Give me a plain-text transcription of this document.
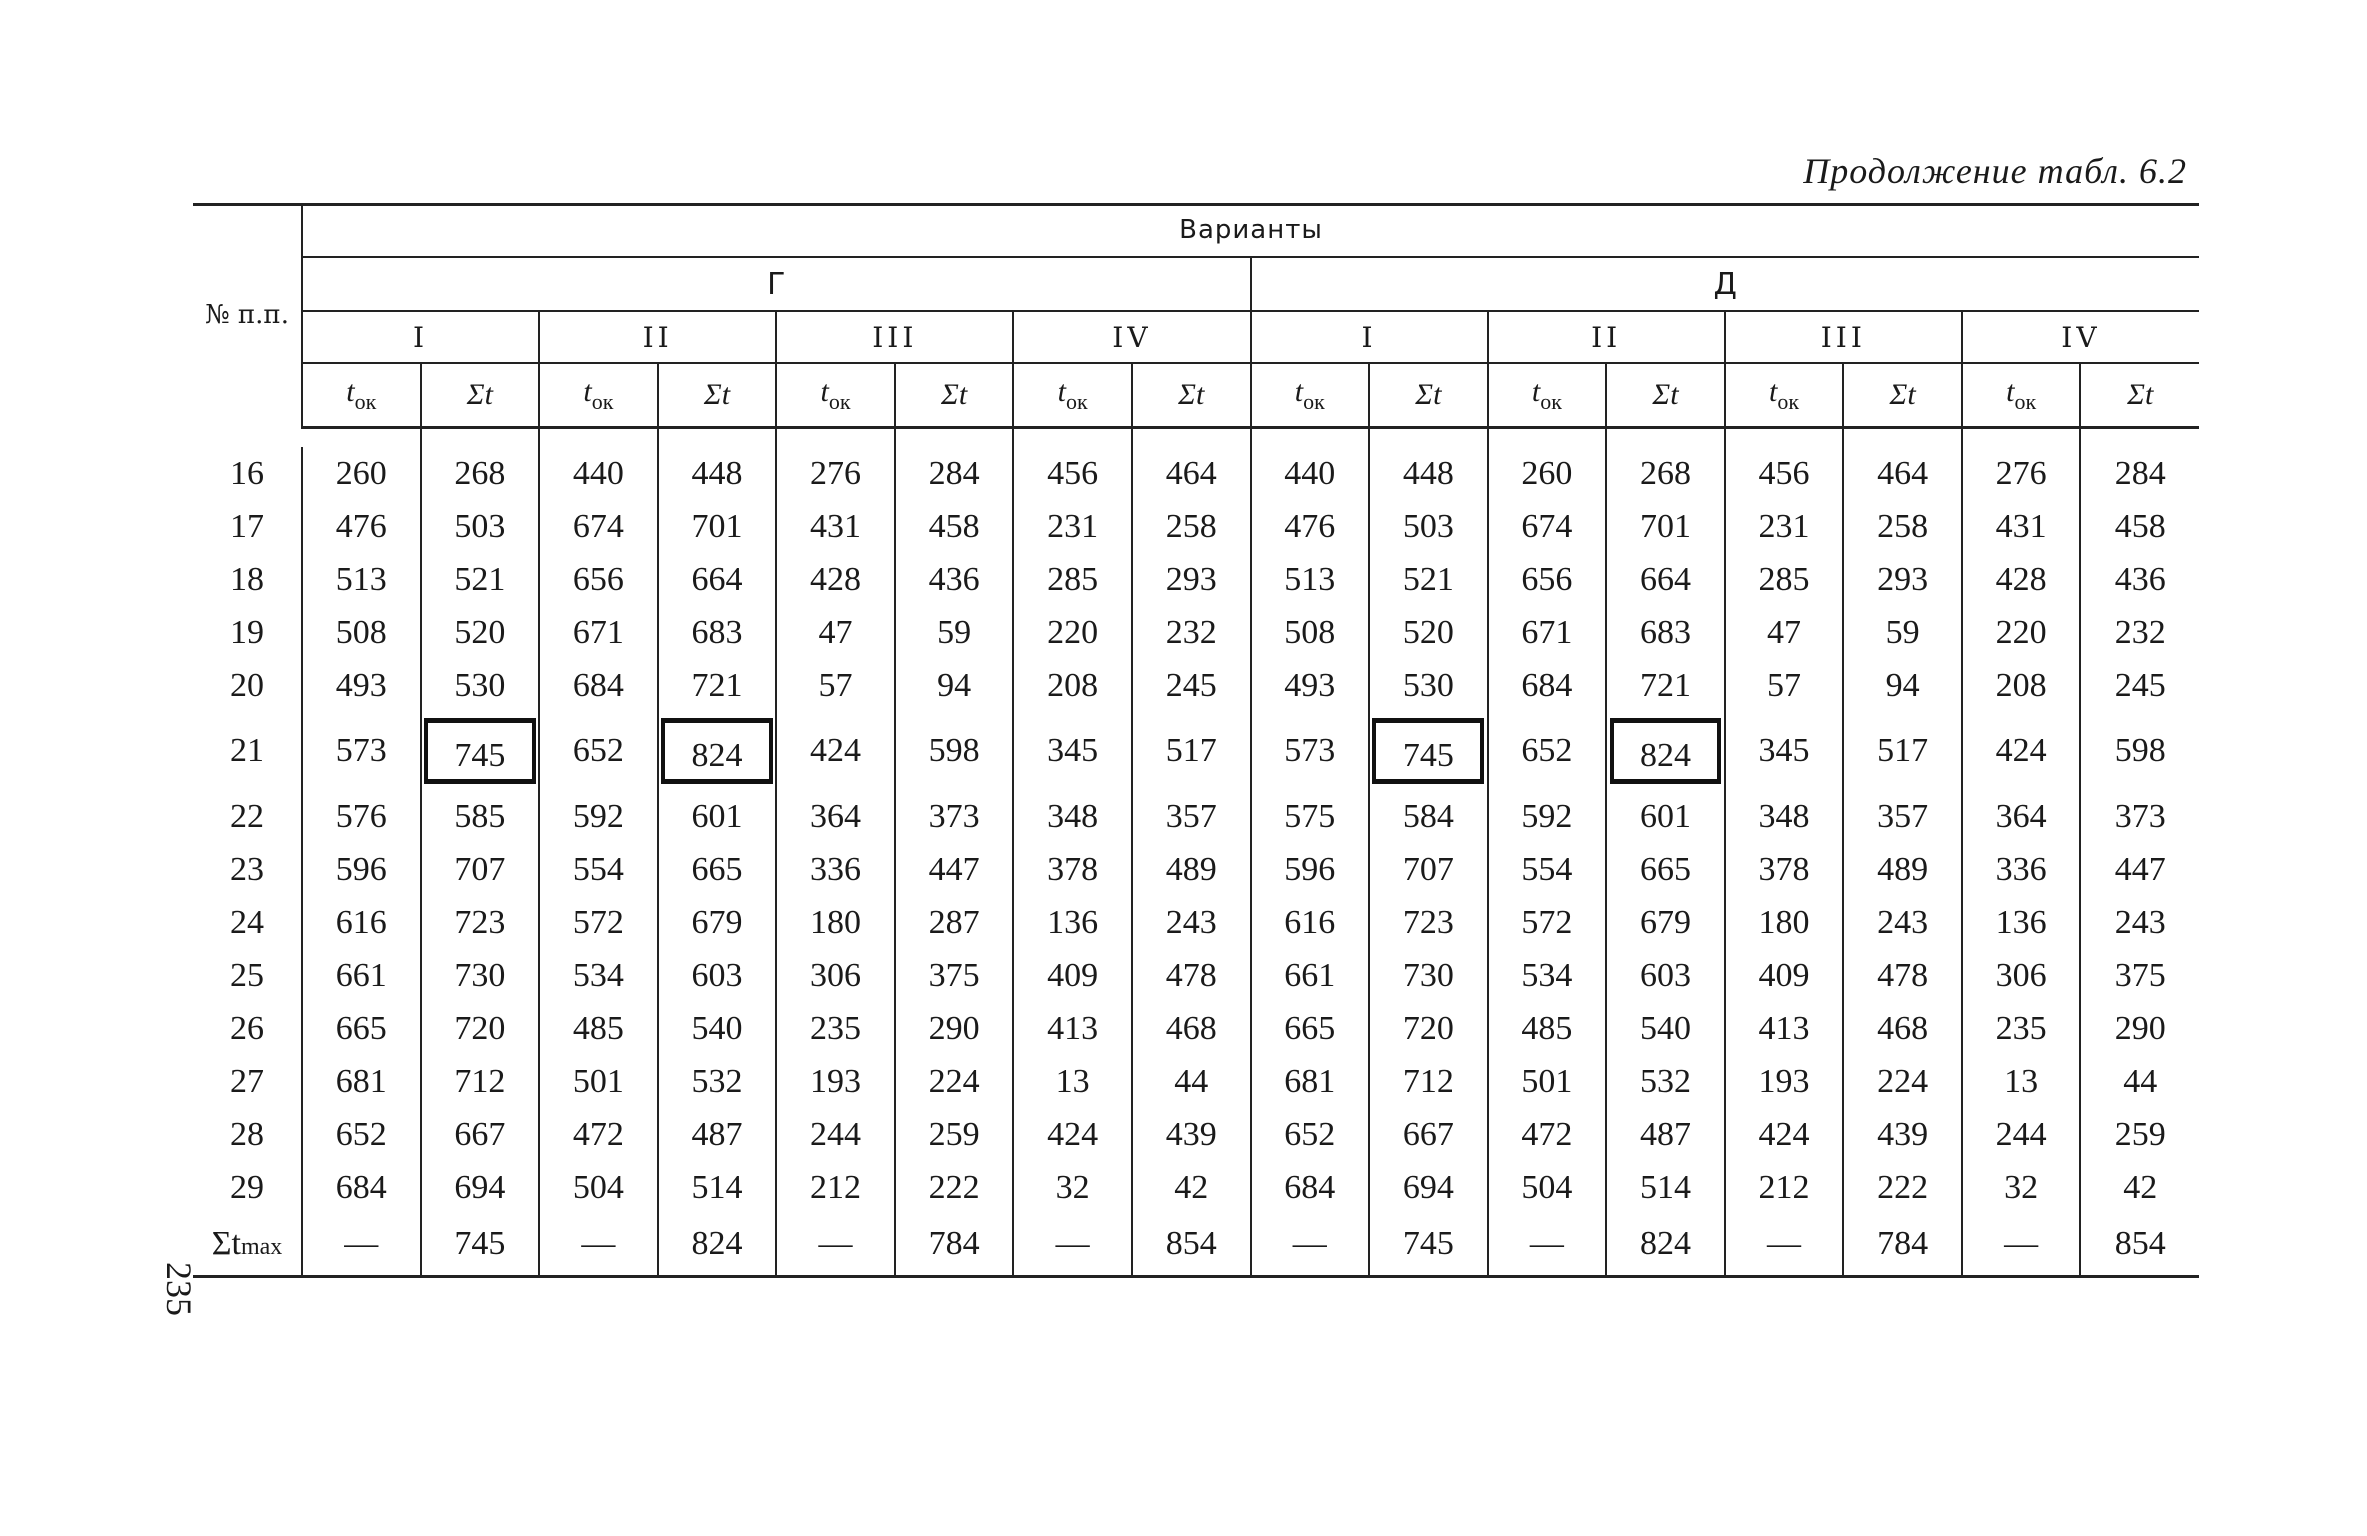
Продолжение табл. 6.2
235
№ п.п.	Варианты															
	Г								Д							
	I		II		III		IV		I		II		III		IV	
	$t_{ок}$	Σt	$t_{ок}$	Σt	$t_{ок}$	Σt	$t_{ок}$	Σt	$t_{ок}$	Σt	$t_{ок}$	Σt	$t_{ок}$	Σt	$t_{ок}$	Σt

16	260	268	440	448	276	284	456	464	440	448	260	268	456	464	276	284
17	476	503	674	701	431	458	231	258	476	503	674	701	231	258	431	458
18	513	521	656	664	428	436	285	293	513	521	656	664	285	293	428	436
19	508	520	671	683	47	59	220	232	508	520	671	683	47	59	220	232
20	493	530	684	721	57	94	208	245	493	530	684	721	57	94	208	245
21	573	745	652	824	424	598	345	517	573	745	652	824	345	517	424	598
22	576	585	592	601	364	373	348	357	575	584	592	601	348	357	364	373
23	596	707	554	665	336	447	378	489	596	707	554	665	378	489	336	447
24	616	723	572	679	180	287	136	243	616	723	572	679	180	243	136	243
25	661	730	534	603	306	375	409	478	661	730	534	603	409	478	306	375
26	665	720	485	540	235	290	413	468	665	720	485	540	413	468	235	290
27	681	712	501	532	193	224	13	44	681	712	501	532	193	224	13	44
28	652	667	472	487	244	259	424	439	652	667	472	487	424	439	244	259
29	684	694	504	514	212	222	32	42	684	694	504	514	212	222	32	42
Σtmax	—	745	—	824	—	784	—	854	—	745	—	824	—	784	—	854
